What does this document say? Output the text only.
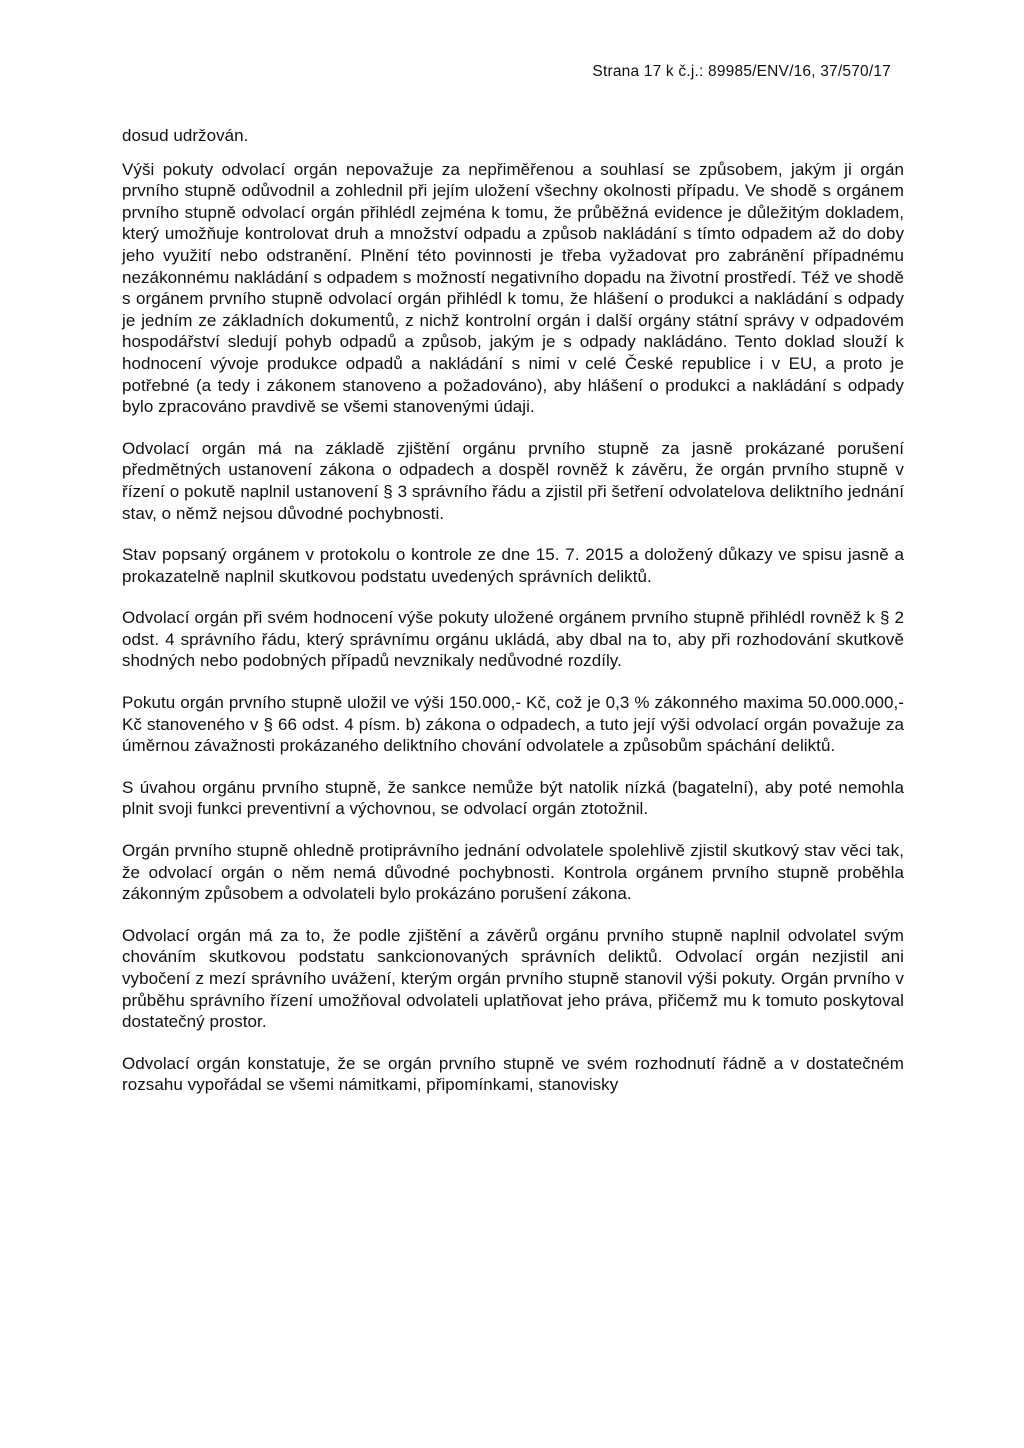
Strana 17 k č.j.: 89985/ENV/16, 37/570/17

dosud udržován.

Výši pokuty odvolací orgán nepovažuje za nepřiměřenou a souhlasí se způsobem, jakým ji orgán prvního stupně odůvodnil a zohlednil při jejím uložení všechny okolnosti případu. Ve shodě s orgánem prvního stupně odvolací orgán přihlédl zejména k tomu, že průběžná evidence je důležitým dokladem, který umožňuje kontrolovat druh a množství odpadu a způsob nakládání s tímto odpadem až do doby jeho využití nebo odstranění. Plnění této povinnosti je třeba vyžadovat pro zabránění případnému nezákonnému nakládání s odpadem s možností negativního dopadu na životní prostředí. Též ve shodě s orgánem prvního stupně odvolací orgán přihlédl k tomu, že hlášení o produkci a nakládání s odpady je jedním ze základních dokumentů, z nichž kontrolní orgán i další orgány státní správy v odpadovém hospodářství sledují pohyb odpadů a způsob, jakým je s odpady nakládáno. Tento doklad slouží k hodnocení vývoje produkce odpadů a nakládání s nimi v celé České republice i v EU, a proto je potřebné (a tedy i zákonem stanoveno a požadováno), aby hlášení o produkci a nakládání s odpady bylo zpracováno pravdivě se všemi stanovenými údaji.

Odvolací orgán má na základě zjištění orgánu prvního stupně za jasně prokázané porušení předmětných ustanovení zákona o odpadech a dospěl rovněž k závěru, že orgán prvního stupně v řízení o pokutě naplnil ustanovení § 3 správního řádu a zjistil při šetření odvolatelova deliktního jednání stav, o němž nejsou důvodné pochybnosti.

Stav popsaný orgánem v protokolu o kontrole ze dne 15. 7. 2015 a doložený důkazy ve spisu jasně a prokazatelně naplnil skutkovou podstatu uvedených správních deliktů.

Odvolací orgán při svém hodnocení výše pokuty uložené orgánem prvního stupně přihlédl rovněž k § 2 odst. 4 správního řádu, který správnímu orgánu ukládá, aby dbal na to, aby při rozhodování skutkově shodných nebo podobných případů nevznikaly nedůvodné rozdíly.

Pokutu orgán prvního stupně uložil ve výši 150.000,- Kč, což je 0,3 % zákonného maxima 50.000.000,- Kč stanoveného v § 66 odst. 4 písm. b) zákona o odpadech, a tuto její výši odvolací orgán považuje za úměrnou závažnosti prokázaného deliktního chování odvolatele a způsobům spáchání deliktů.

S úvahou orgánu prvního stupně, že sankce nemůže být natolik nízká (bagatelní), aby poté nemohla plnit svoji funkci preventivní a výchovnou, se odvolací orgán ztotožnil.

Orgán prvního stupně ohledně protiprávního jednání odvolatele spolehlivě zjistil skutkový stav věci tak, že odvolací orgán o něm nemá důvodné pochybnosti. Kontrola orgánem prvního stupně proběhla zákonným způsobem a odvolateli bylo prokázáno porušení zákona.

Odvolací orgán má za to, že podle zjištění a závěrů orgánu prvního stupně naplnil odvolatel svým chováním skutkovou podstatu sankcionovaných správních deliktů. Odvolací orgán nezjistil ani vybočení z mezí správního uvážení, kterým orgán prvního stupně stanovil výši pokuty. Orgán prvního v průběhu správního řízení umožňoval odvolateli uplatňovat jeho práva, přičemž mu k tomuto poskytoval dostatečný prostor.

Odvolací orgán konstatuje, že se orgán prvního stupně ve svém rozhodnutí řádně a v dostatečném rozsahu vypořádal se všemi námitkami, připomínkami, stanovisky
